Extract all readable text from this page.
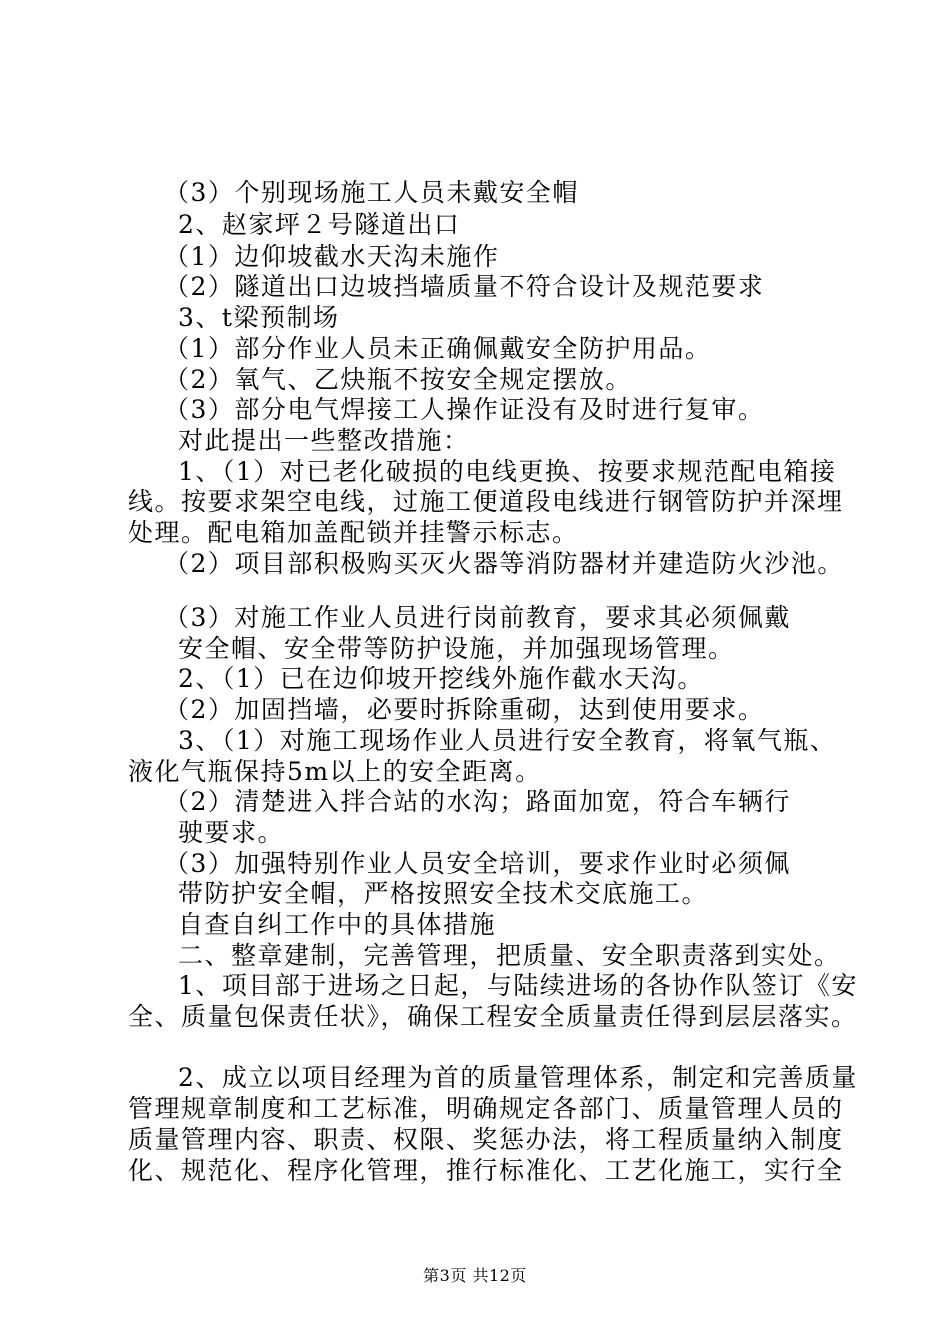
（3）个别现场施工人员未戴安全帽
2、赵家坪２号隧道出口
（1）边仰坡截水天沟未施作
（2）隧道出口边坡挡墙质量不符合设计及规范要求
3、t梁预制场
（1）部分作业人员未正确佩戴安全防护用品。
（2）氧气、乙炔瓶不按安全规定摆放。
（3）部分电气焊接工人操作证没有及时进行复审。
对此提出一些整改措施：
1、（1）对已老化破损的电线更换、按要求规范配电箱接
线。按要求架空电线，过施工便道段电线进行钢管防护并深埋
处理。配电箱加盖配锁并挂警示标志。
（2）项目部积极购买灭火器等消防器材并建造防火沙池。
（3）对施工作业人员进行岗前教育，要求其必须佩戴
安全帽、安全带等防护设施，并加强现场管理。
2、（1）已在边仰坡开挖线外施作截水天沟。
（2）加固挡墙，必要时拆除重砌，达到使用要求。
3、（1）对施工现场作业人员进行安全教育，将氧气瓶、
液化气瓶保持5m以上的安全距离。
（2）清楚进入拌合站的水沟；路面加宽，符合车辆行
驶要求。
（3）加强特别作业人员安全培训，要求作业时必须佩
带防护安全帽，严格按照安全技术交底施工。
自查自纠工作中的具体措施
二、整章建制，完善管理，把质量、安全职责落到实处。
1、项目部于进场之日起，与陆续进场的各协作队签订《安
全、质量包保责任状》，确保工程安全质量责任得到层层落实。
2、成立以项目经理为首的质量管理体系，制定和完善质量
管理规章制度和工艺标准，明确规定各部门、质量管理人员的
质量管理内容、职责、权限、奖惩办法，将工程质量纳入制度
化、规范化、程序化管理，推行标准化、工艺化施工，实行全
第3页 共12页
